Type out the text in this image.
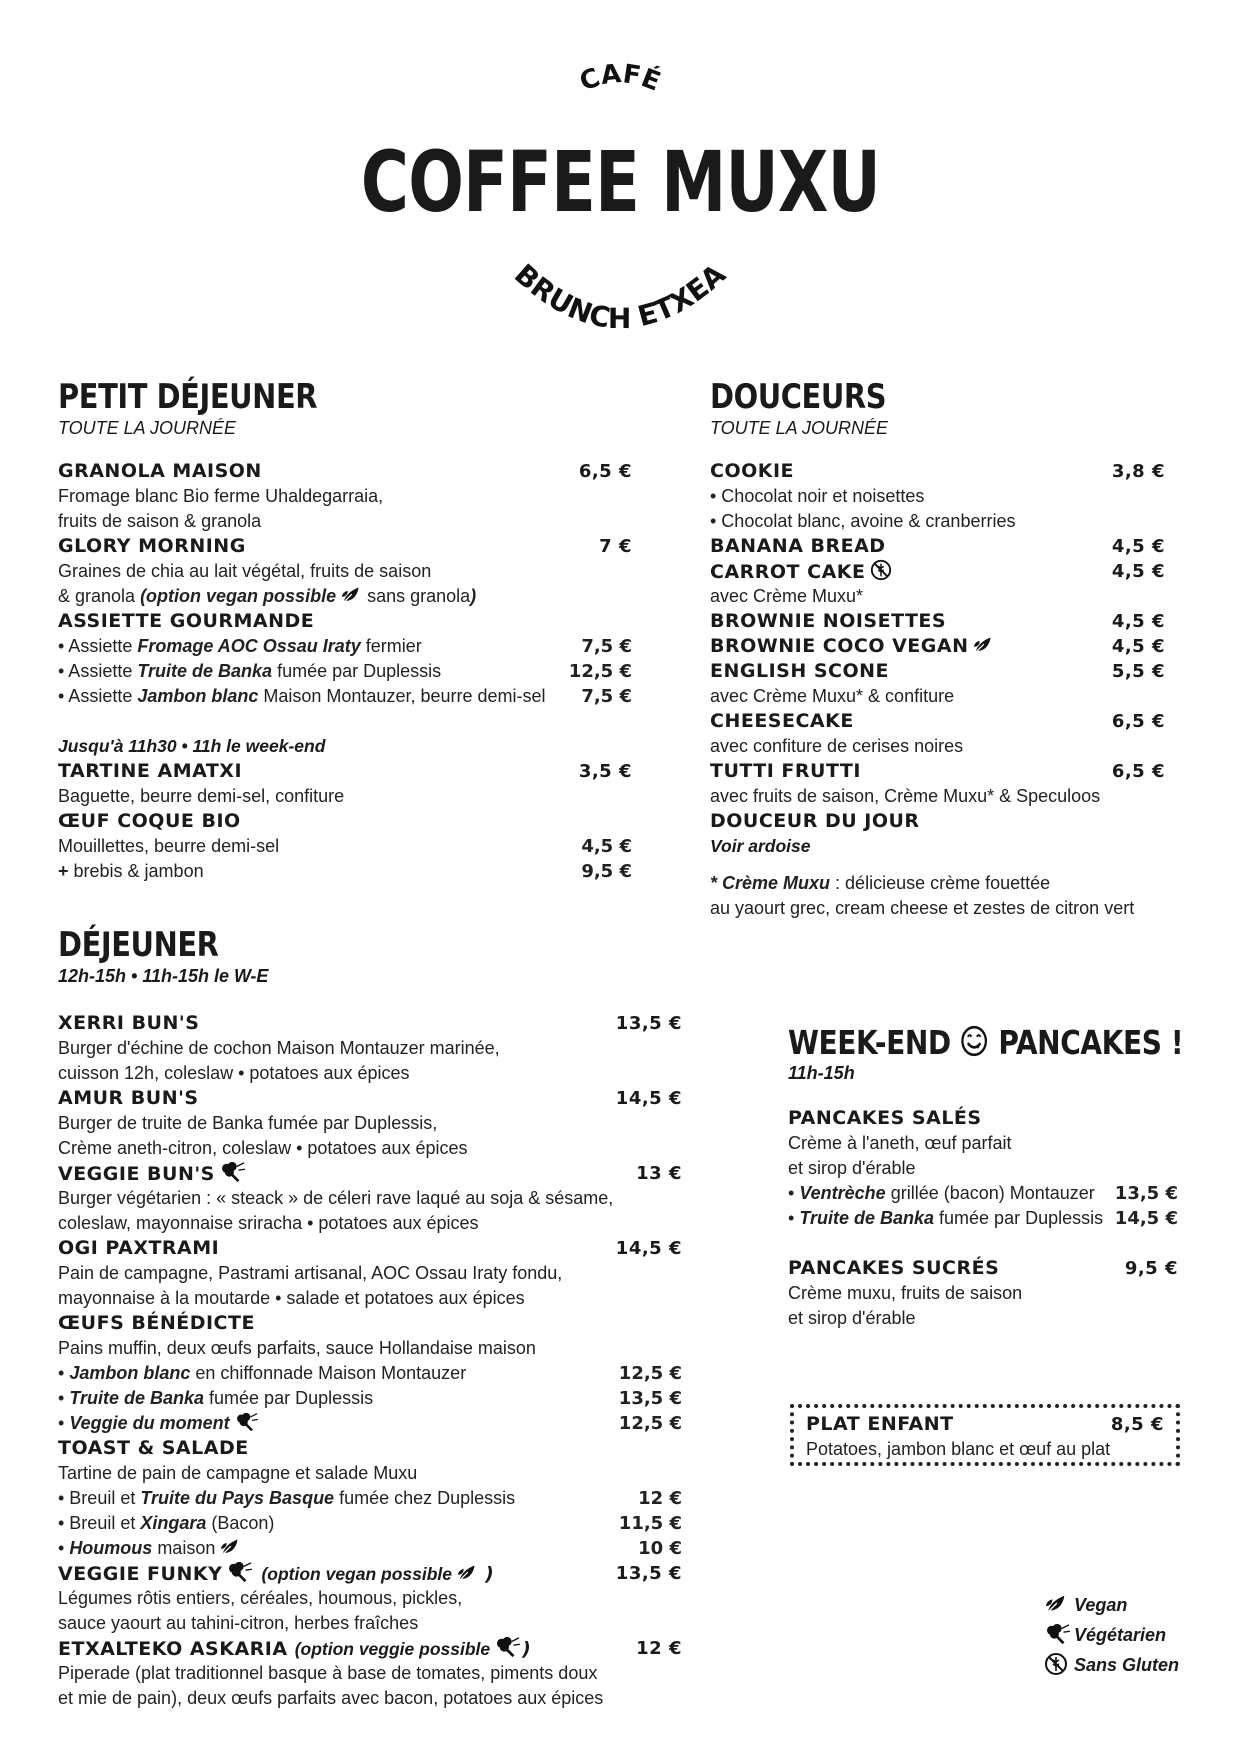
CAFÉ
BRUNCH ETXEA
COFFEE MUXU
PETIT DÉJEUNER
TOUTE LA JOURNÉE
GRANOLA MAISON	6,5 €
Fromage blanc Bio ferme Uhaldegarraia,
fruits de saison & granola
GLORY MORNING	7 €
Graines de chia au lait végétal, fruits de saison
& granola (option vegan possible sans granola)
ASSIETTE GOURMANDE
• Assiette Fromage AOC Ossau Iraty fermier	7,5 €
• Assiette Truite de Banka fumée par Duplessis	12,5 €
• Assiette Jambon blanc Maison Montauzer, beurre demi-sel 7,5 €
Jusqu'à 11h30 • 11h le week-end
TARTINE AMATXI	3,5 €
Baguette, beurre demi-sel, confiture
ŒUF COQUE BIO
Mouillettes, beurre demi-sel	4,5 €
+ brebis & jambon	9,5 €
DOUCEURS
TOUTE LA JOURNÉE
COOKIE	3,8 €
• Chocolat noir et noisettes
• Chocolat blanc, avoine & cranberries
BANANA BREAD	4,5 €
CARROT CAKE	4,5 €
avec Crème Muxu*
BROWNIE NOISETTES	4,5 €
BROWNIE COCO VEGAN	4,5 €
ENGLISH SCONE	5,5 €
avec Crème Muxu* & confiture
CHEESECAKE	6,5 €
avec confiture de cerises noires
TUTTI FRUTTI	6,5 €
avec fruits de saison, Crème Muxu* & Speculoos
DOUCEUR DU JOUR
Voir ardoise
* Crème Muxu : délicieuse crème fouettée
au yaourt grec, cream cheese et zestes de citron vert
DÉJEUNER
12h-15h • 11h-15h le W-E
XERRI BUN'S	13,5 €
Burger d'échine de cochon Maison Montauzer marinée,
cuisson 12h, coleslaw • potatoes aux épices
AMUR BUN'S	14,5 €
Burger de truite de Banka fumée par Duplessis,
Crème aneth-citron, coleslaw • potatoes aux épices
VEGGIE BUN'S	13 €
Burger végétarien : « steack » de céleri rave laqué au soja & sésame,
coleslaw, mayonnaise sriracha • potatoes aux épices
OGI PAXTRAMI	14,5 €
Pain de campagne, Pastrami artisanal, AOC Ossau Iraty fondu,
mayonnaise à la moutarde • salade et potatoes aux épices
ŒUFS BÉNÉDICTE
Pains muffin, deux œufs parfaits, sauce Hollandaise maison
• Jambon blanc en chiffonnade Maison Montauzer	12,5 €
• Truite de Banka fumée par Duplessis	13,5 €
• Veggie du moment	12,5 €
TOAST & SALADE
Tartine de pain de campagne et salade Muxu
• Breuil et Truite du Pays Basque fumée chez Duplessis	12 €
• Breuil et Xingara (Bacon)	11,5 €
• Houmous maison	10 €
VEGGIE FUNKY (option vegan possible )	13,5 €
Légumes rôtis entiers, céréales, houmous, pickles,
sauce yaourt au tahini-citron, herbes fraîches
ETXALTEKO ASKARIA (option veggie possible )	12 €
Piperade (plat traditionnel basque à base de tomates, piments doux
et mie de pain), deux œufs parfaits avec bacon, potatoes aux épices
WEEK-END PANCAKES !
11h-15h
PANCAKES SALÉS
Crème à l'aneth, œuf parfait
et sirop d'érable
• Ventrèche grillée (bacon) Montauzer 13,5 €
• Truite de Banka fumée par Duplessis 14,5 €
PANCAKES SUCRÉS	9,5 €
Crème muxu, fruits de saison
et sirop d'érable
PLAT ENFANT	8,5 €
Potatoes, jambon blanc et œuf au plat
Vegan
Végétarien
Sans Gluten
